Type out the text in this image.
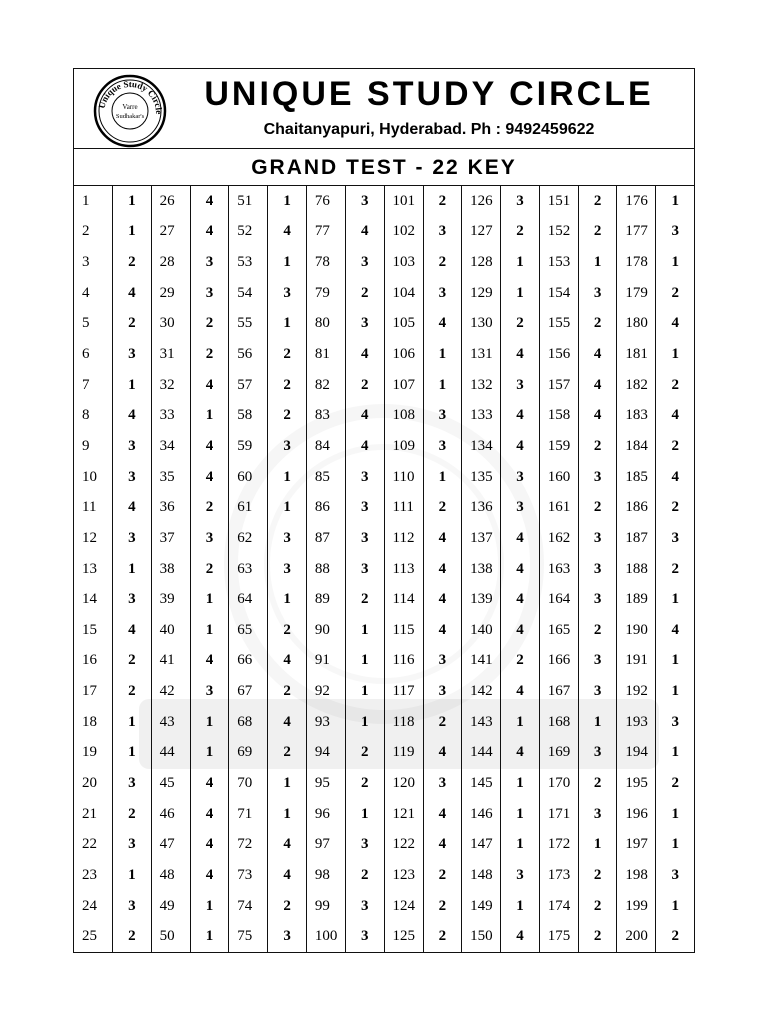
Unique Study Circle
Varre
Sudhakar's
UNIQUE STUDY CIRCLE
Chaitanyapuri, Hyderabad. Ph : 9492459622
GRAND TEST - 22 KEY
1
2
3
4
5
6
7
8
9
10
11
12
13
14
15
16
17
18
19
20
21
22
23
24
25
1
1
2
4
2
3
1
4
3
3
4
3
1
3
4
2
2
1
1
3
2
3
1
3
2
26
27
28
29
30
31
32
33
34
35
36
37
38
39
40
41
42
43
44
45
46
47
48
49
50
4
4
3
3
2
2
4
1
4
4
2
3
2
1
1
4
3
1
1
4
4
4
4
1
1
51
52
53
54
55
56
57
58
59
60
61
62
63
64
65
66
67
68
69
70
71
72
73
74
75
1
4
1
3
1
2
2
2
3
1
1
3
3
1
2
4
2
4
2
1
1
4
4
2
3
76
77
78
79
80
81
82
83
84
85
86
87
88
89
90
91
92
93
94
95
96
97
98
99
100
3
4
3
2
3
4
2
4
4
3
3
3
3
2
1
1
1
1
2
2
1
3
2
3
3
101
102
103
104
105
106
107
108
109
110
111
112
113
114
115
116
117
118
119
120
121
122
123
124
125
2
3
2
3
4
1
1
3
3
1
2
4
4
4
4
3
3
2
4
3
4
4
2
2
2
126
127
128
129
130
131
132
133
134
135
136
137
138
139
140
141
142
143
144
145
146
147
148
149
150
3
2
1
1
2
4
3
4
4
3
3
4
4
4
4
2
4
1
4
1
1
1
3
1
4
151
152
153
154
155
156
157
158
159
160
161
162
163
164
165
166
167
168
169
170
171
172
173
174
175
2
2
1
3
2
4
4
4
2
3
2
3
3
3
2
3
3
1
3
2
3
1
2
2
2
176
177
178
179
180
181
182
183
184
185
186
187
188
189
190
191
192
193
194
195
196
197
198
199
200
1
3
1
2
4
1
2
4
2
4
2
3
2
1
4
1
1
3
1
2
1
1
3
1
2
